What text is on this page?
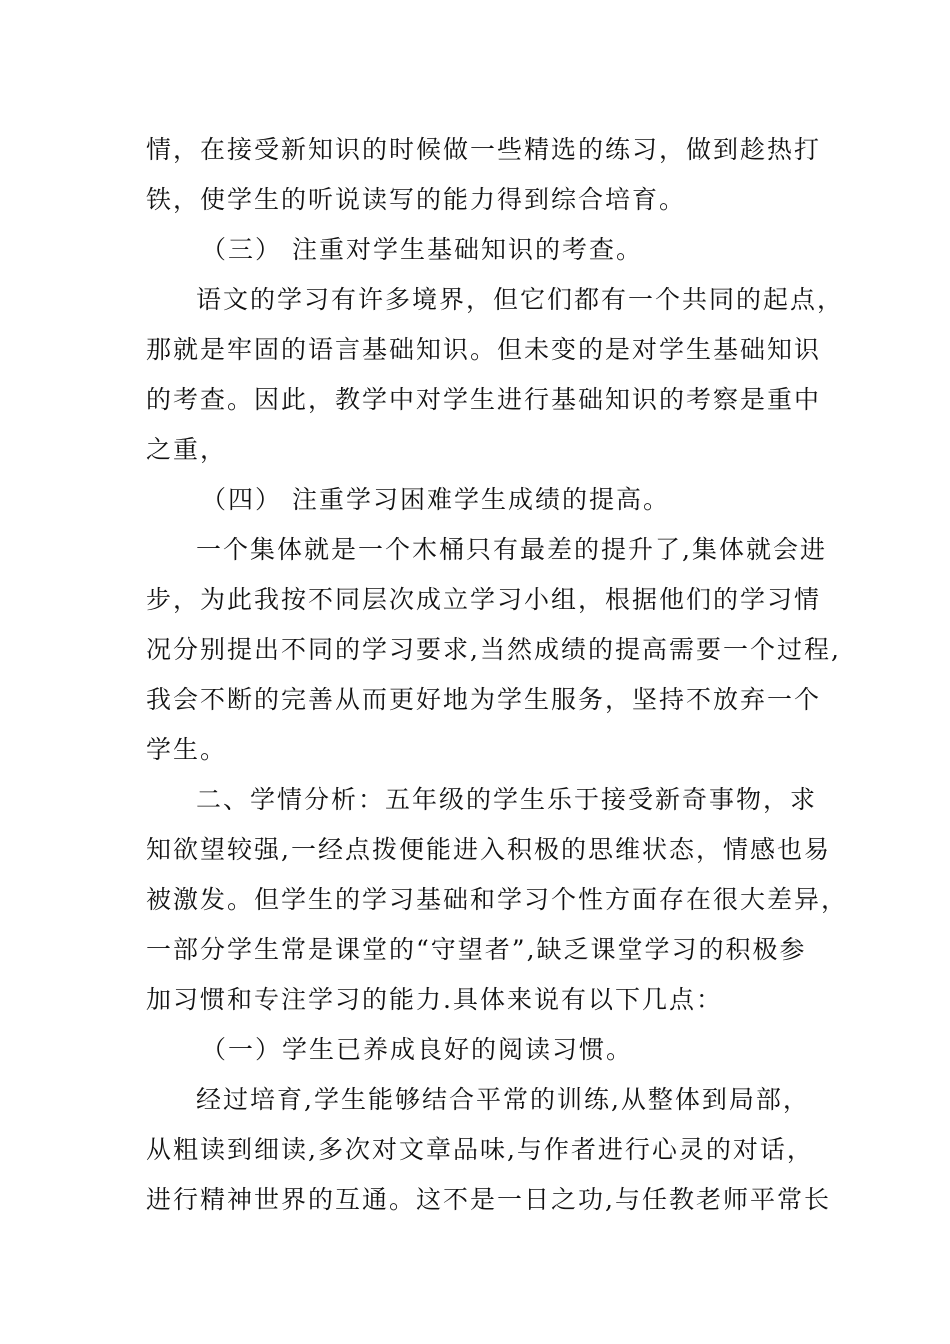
情，在接受新知识的时候做一些精选的练习，做到趁热打
铁，使学生的听说读写的能力得到综合培育。
（三） 注重对学生基础知识的考查。
语文的学习有许多境界，但它们都有一个共同的起点，
那就是牢固的语言基础知识。但未变的是对学生基础知识
的考查。因此，教学中对学生进行基础知识的考察是重中
之重，
（四） 注重学习困难学生成绩的提高。
一个集体就是一个木桶只有最差的提升了,集体就会进
步，为此我按不同层次成立学习小组，根据他们的学习情
况分别提出不同的学习要求,当然成绩的提高需要一个过程,
我会不断的完善从而更好地为学生服务，坚持不放弃一个
学生。
二、学情分析：五年级的学生乐于接受新奇事物，求
知欲望较强,一经点拨便能进入积极的思维状态，情感也易
被激发。但学生的学习基础和学习个性方面存在很大差异，
一部分学生常是课堂的“守望者”,缺乏课堂学习的积极参
加习惯和专注学习的能力.具体来说有以下几点：
（一）学生已养成良好的阅读习惯。
经过培育,学生能够结合平常的训练,从整体到局部，
从粗读到细读,多次对文章品味,与作者进行心灵的对话，
进行精神世界的互通。这不是一日之功,与任教老师平常长
